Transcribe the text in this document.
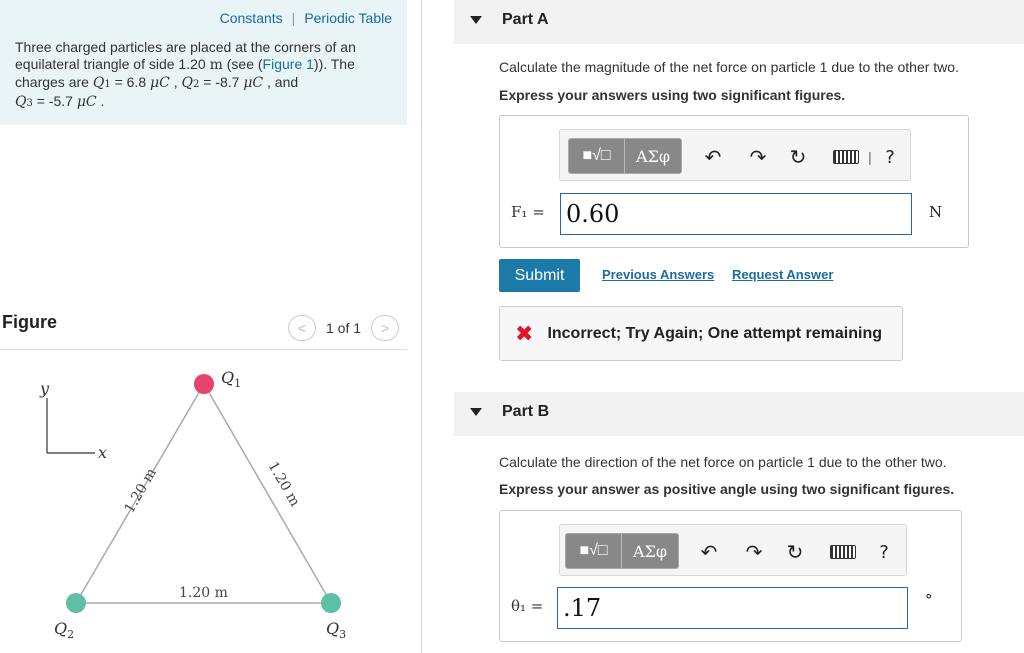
Constants | Periodic Table
Three charged particles are placed at the corners of an
equilateral triangle of side 1.20 m (see (Figure 1)). The
charges are Q1 = 6.8 μC , Q2 = -8.7 μC , and
Q3 = -5.7 μC .
Figure	<	1 of 1	>
y
x
1.20 m	1.20 m
1.20 m
$Q_1$
$Q_2$	$Q_3$
Part A
Calculate the magnitude of the net force on particle 1 due to the other two.
Express your answers using two significant figures.
■√□	ΑΣφ	↶ ↷ ↻	| ?
F₁ = 0.60	N
Submit	Previous Answers Request Answer
✖ Incorrect; Try Again; One attempt remaining
Part B
Calculate the direction of the net force on particle 1 due to the other two.
Express your answer as positive angle using two significant figures.
■√□	ΑΣφ	↶ ↷ ↻	?
θ₁ = .17	°
